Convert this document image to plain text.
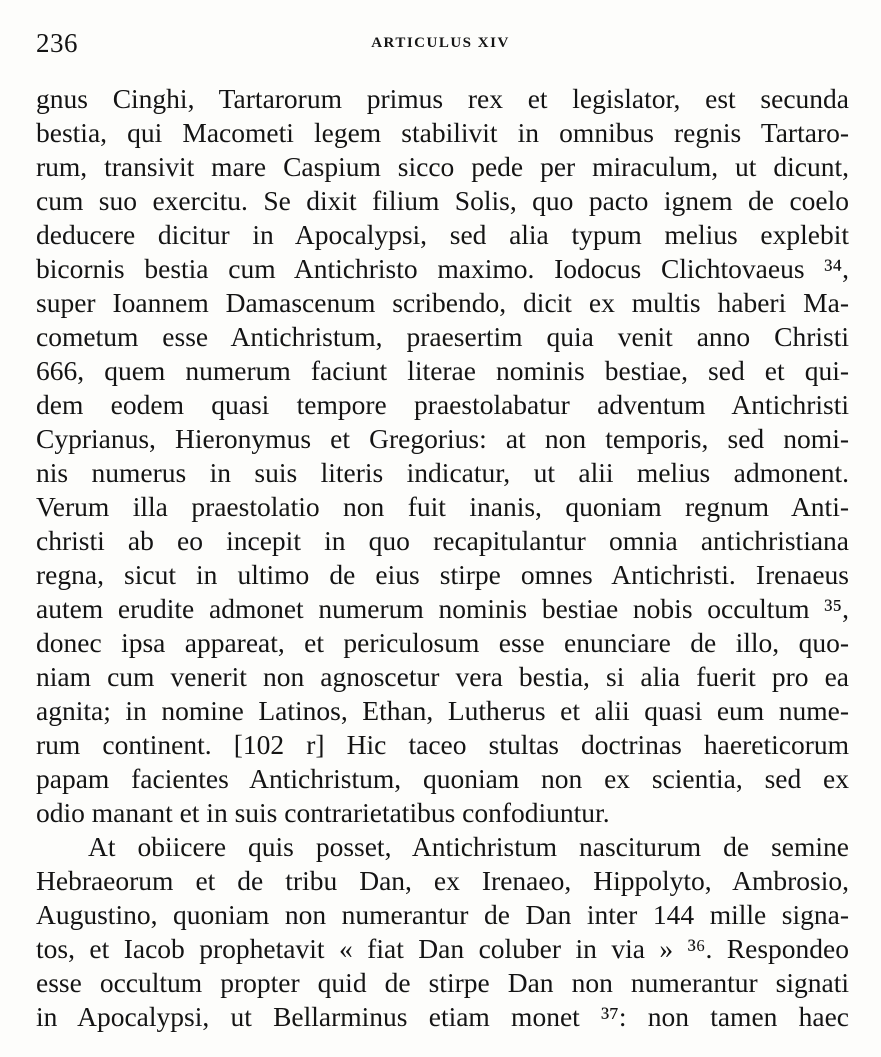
236	ARTICULUS XIV
gnus Cinghi, Tartarorum primus rex et legislator, est secunda
bestia, qui Macometi legem stabilivit in omnibus regnis Tartaro-
rum, transivit mare Caspium sicco pede per miraculum, ut dicunt,
cum suo exercitu. Se dixit filium Solis, quo pacto ignem de coelo
deducere dicitur in Apocalypsi, sed alia typum melius explebit
bicornis bestia cum Antichristo maximo. Iodocus Clichtovaeus ³⁴,
super Ioannem Damascenum scribendo, dicit ex multis haberi Ma-
cometum esse Antichristum, praesertim quia venit anno Christi
666, quem numerum faciunt literae nominis bestiae, sed et qui-
dem eodem quasi tempore praestolabatur adventum Antichristi
Cyprianus, Hieronymus et Gregorius: at non temporis, sed nomi-
nis numerus in suis literis indicatur, ut alii melius admonent.
Verum illa praestolatio non fuit inanis, quoniam regnum Anti-
christi ab eo incepit in quo recapitulantur omnia antichristiana
regna, sicut in ultimo de eius stirpe omnes Antichristi. Irenaeus
autem erudite admonet numerum nominis bestiae nobis occultum ³⁵,
donec ipsa appareat, et periculosum esse enunciare de illo, quo-
niam cum venerit non agnoscetur vera bestia, si alia fuerit pro ea
agnita; in nomine Latinos, Ethan, Lutherus et alii quasi eum nume-
rum continent. [102 r] Hic taceo stultas doctrinas haereticorum
papam facientes Antichristum, quoniam non ex scientia, sed ex
odio manant et in suis contrarietatibus confodiuntur.
At obiicere quis posset, Antichristum nasciturum de semine
Hebraeorum et de tribu Dan, ex Irenaeo, Hippolyto, Ambrosio,
Augustino, quoniam non numerantur de Dan inter 144 mille signa-
tos, et Iacob prophetavit « fiat Dan coluber in via » ³⁶. Respondeo
esse occultum propter quid de stirpe Dan non numerantur signati
in Apocalypsi, ut Bellarminus etiam monet ³⁷: non tamen haec
